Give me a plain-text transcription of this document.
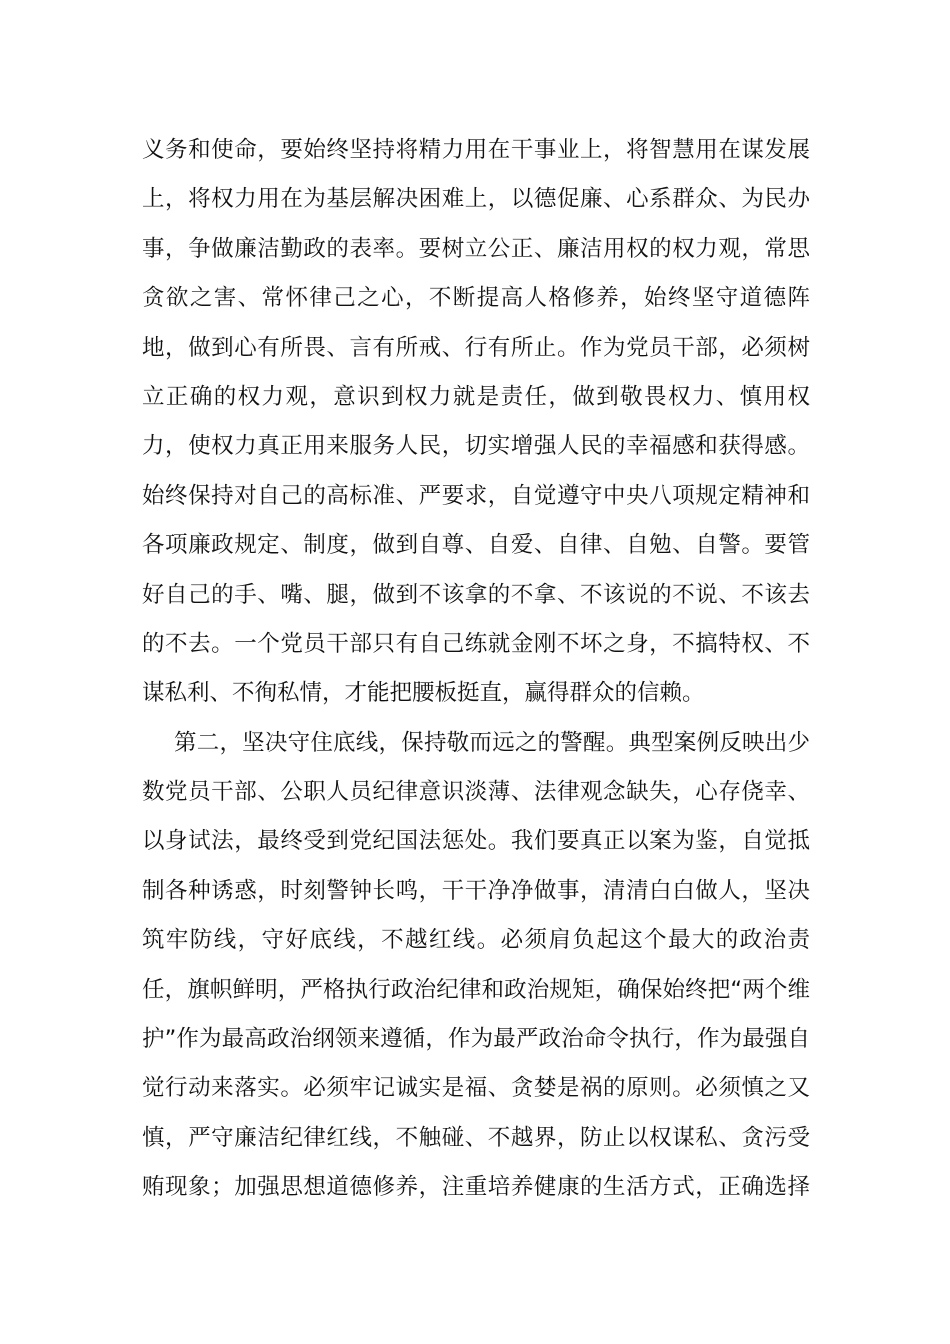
义务和使命，要始终坚持将精力用在干事业上，将智慧用在谋发展
上，将权力用在为基层解决困难上，以德促廉、心系群众、为民办
事，争做廉洁勤政的表率。要树立公正、廉洁用权的权力观，常思
贪欲之害、常怀律己之心，不断提高人格修养，始终坚守道德阵
地，做到心有所畏、言有所戒、行有所止。作为党员干部，必须树
立正确的权力观，意识到权力就是责任，做到敬畏权力、慎用权
力，使权力真正用来服务人民，切实增强人民的幸福感和获得感。
始终保持对自己的高标准、严要求，自觉遵守中央八项规定精神和
各项廉政规定、制度，做到自尊、自爱、自律、自勉、自警。要管
好自己的手、嘴、腿，做到不该拿的不拿、不该说的不说、不该去
的不去。一个党员干部只有自己练就金刚不坏之身，不搞特权、不
谋私利、不徇私情，才能把腰板挺直，赢得群众的信赖。
第二，坚决守住底线，保持敬而远之的警醒。典型案例反映出少
数党员干部、公职人员纪律意识淡薄、法律观念缺失，心存侥幸、
以身试法，最终受到党纪国法惩处。我们要真正以案为鉴，自觉抵
制各种诱惑，时刻警钟长鸣，干干净净做事，清清白白做人，坚决
筑牢防线，守好底线，不越红线。必须肩负起这个最大的政治责
任，旗帜鲜明，严格执行政治纪律和政治规矩，确保始终把“两个维
护”作为最高政治纲领来遵循，作为最严政治命令执行，作为最强自
觉行动来落实。必须牢记诚实是福、贪婪是祸的原则。必须慎之又
慎，严守廉洁纪律红线，不触碰、不越界，防止以权谋私、贪污受
贿现象；加强思想道德修养，注重培养健康的生活方式，正确选择
